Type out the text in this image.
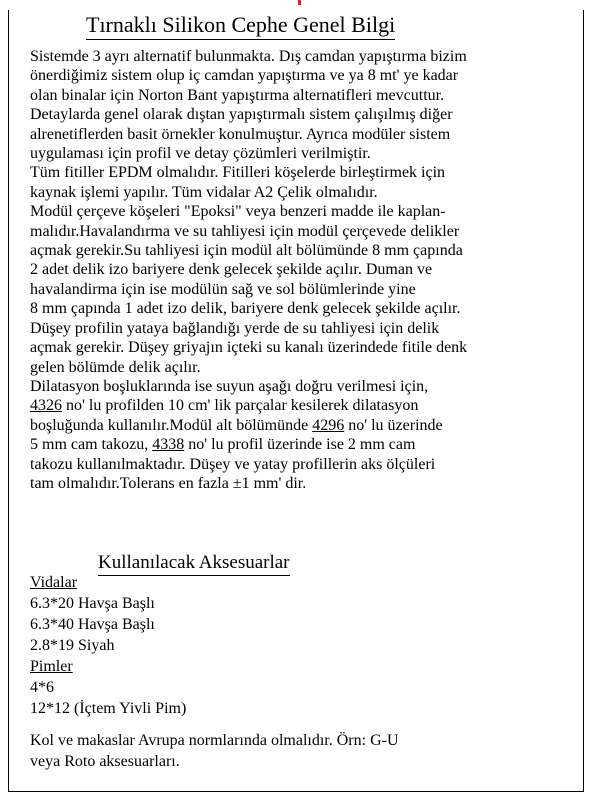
Tırnaklı Silikon Cephe Genel Bilgi
Sistemde 3 ayrı alternatif bulunmakta. Dış camdan yapıştırma bizim
önerdiğimiz sistem olup iç camdan yapıştırma ve ya 8 mt' ye kadar
olan binalar için Norton Bant yapıştırma alternatifleri mevcuttur.
Detaylarda genel olarak dıştan yapıştırmalı sistem çalışılmış diğer
alrenetiflerden basit örnekler konulmuştur. Ayrıca modüler sistem
uygulaması için profil ve detay çözümleri verilmiştir.
Tüm fitiller EPDM olmalıdır. Fitilleri köşelerde birleştirmek için
kaynak işlemi yapılır. Tüm vidalar A2 Çelik olmalıdır.
Modül çerçeve köşeleri "Epoksi" veya benzeri madde ile kaplan-
malıdır.Havalandırma ve su tahliyesi için modül çerçevede delikler
açmak gerekir.Su tahliyesi için modül alt bölümünde 8 mm çapında
2 adet delik izo bariyere denk gelecek şekilde açılır. Duman ve
havalandirma için ise modülün sağ ve sol bölümlerinde yine
8 mm çapında 1 adet izo delik, bariyere denk gelecek şekilde açılır.
Düşey profilin yataya bağlandığı yerde de su tahliyesi için delik
açmak gerekir. Düşey griyajın içteki su kanalı üzerindede fitile denk
gelen bölümde delik açılır.
Dilatasyon boşluklarında ise suyun aşağı doğru verilmesi için,
4326 no' lu profilden 10 cm' lik parçalar kesilerek dilatasyon
boşluğunda kullanılır.Modül alt bölümünde 4296 no' lu üzerinde
5 mm cam takozu, 4338 no' lu profil üzerinde ise 2 mm cam
takozu kullanılmaktadır. Düşey ve yatay profillerin aks ölçüleri
tam olmalıdır.Tolerans en fazla ±1 mm' dir.
Kullanılacak Aksesuarlar
Vidalar
6.3*20 Havşa Başlı
6.3*40 Havşa Başlı
2.8*19 Siyah
Pimler
4*6
12*12 (İçtem Yivli Pim)
Kol ve makaslar Avrupa normlarında olmalıdır. Örn: G-U
veya Roto aksesuarları.
